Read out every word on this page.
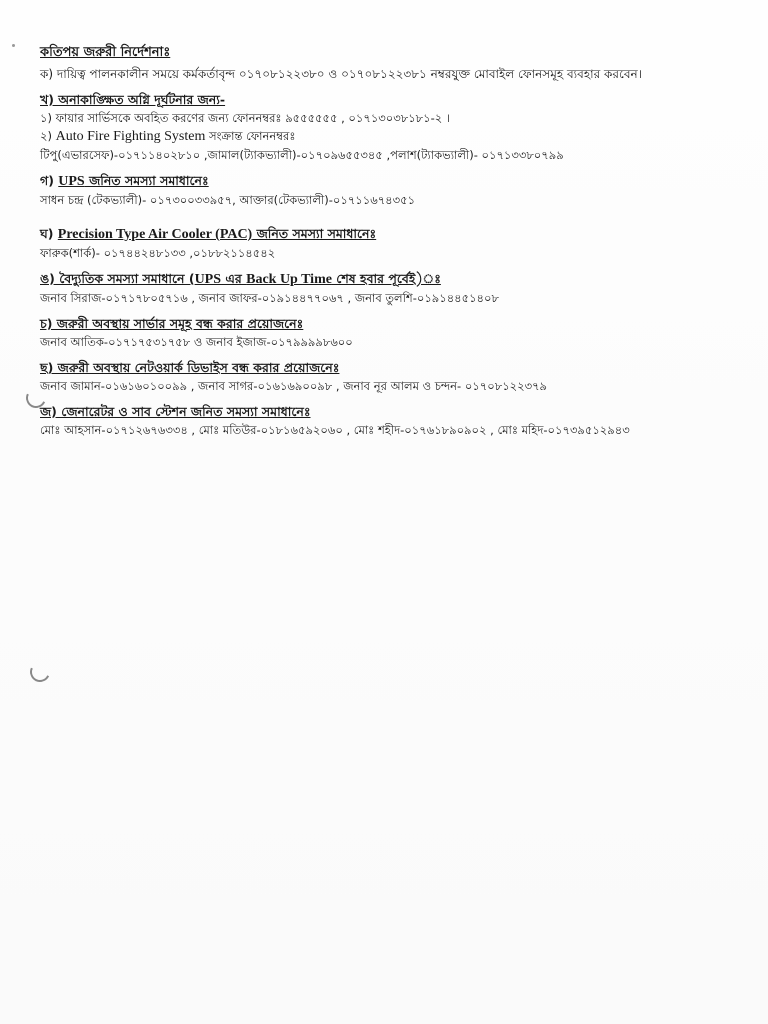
কতিপয় জরুরী নির্দেশনাঃ

ক) দায়িত্ব পালনকালীন সময়ে কর্মকর্তাবৃন্দ ০১৭০৮১২২৩৮০ ও ০১৭০৮১২২৩৮১ নম্বরযুক্ত মোবাইল ফোনসমূহ ব্যবহার করবেন।

খ) অনাকাঙ্ক্ষিত অগ্নি দূর্ঘটনার জন্য-
১) ফায়ার সার্ভিসকে অবহিত করণের জন্য ফোননম্বরঃ ৯৫৫৫৫৫৫ , ০১৭১৩০৩৮১৮১-২ ।
২) Auto Fire Fighting System সংক্রান্ত ফোননম্বরঃ
টিপু(এভারসেফ)-০১৭১১৪০২৮১০ ,জামাল(ট্যাকভ্যালী)-০১৭০৯৬৫৫৩৪৫ ,পলাশ(ট্যাকভ্যালী)- ০১৭১৩৩৮০৭৯৯
গ) UPS জনিত সমস্যা সমাধানেঃ
সাধন চন্দ্র (টেকভ্যালী)- ০১৭৩০০৩৩৯৫৭, আক্তার(টেকভ্যালী)-০১৭১১৬৭৪৩৫১
ঘ) Precision Type Air Cooler (PAC) জনিত সমস্যা সমাধানেঃ
ফারুক(শার্ক)- ০১৭৪৪২৪৮১৩৩ ,০১৮৮২১১৪৫৪২
ঙ) বৈদ্যুতিক সমস্যা সমাধানে (UPS এর Back Up Time শেষ হবার পূর্বেই)ঃ
জনাব সিরাজ-০১৭১৭৮০৫৭১৬ , জনাব জাফর-০১৯১৪৪৭৭০৬৭ , জনাব তুলশি-০১৯১৪৪৫১৪০৮
চ) জরুরী অবস্থায় সার্ভার সমূহ বন্ধ করার প্রয়োজনেঃ
জনাব আতিক-০১৭১৭৫৩১৭৫৮ ও জনাব ইজাজ-০১৭৯৯৯৯৮৬০০
ছ) জরুরী অবস্থায় নেটওয়ার্ক ডিভাইস বন্ধ করার প্রয়োজনেঃ
জনাব জামান-০১৬১৬০১০০৯৯ , জনাব সাগর-০১৬১৬৯০০৯৮ , জনাব নূর আলম ও চন্দন- ০১৭০৮১২২৩৭৯
জ) জেনারেটর ও সাব স্টেশন জনিত সমস্যা সমাধানেঃ
মোঃ আহসান-০১৭১২৬৭৬৩৩৪ , মোঃ মতিউর-০১৮১৬৫৯২০৬০ , মোঃ শহীদ-০১৭৬১৮৯০৯০২ , মোঃ মহিদ-০১৭৩৯৫১২৯৪৩
